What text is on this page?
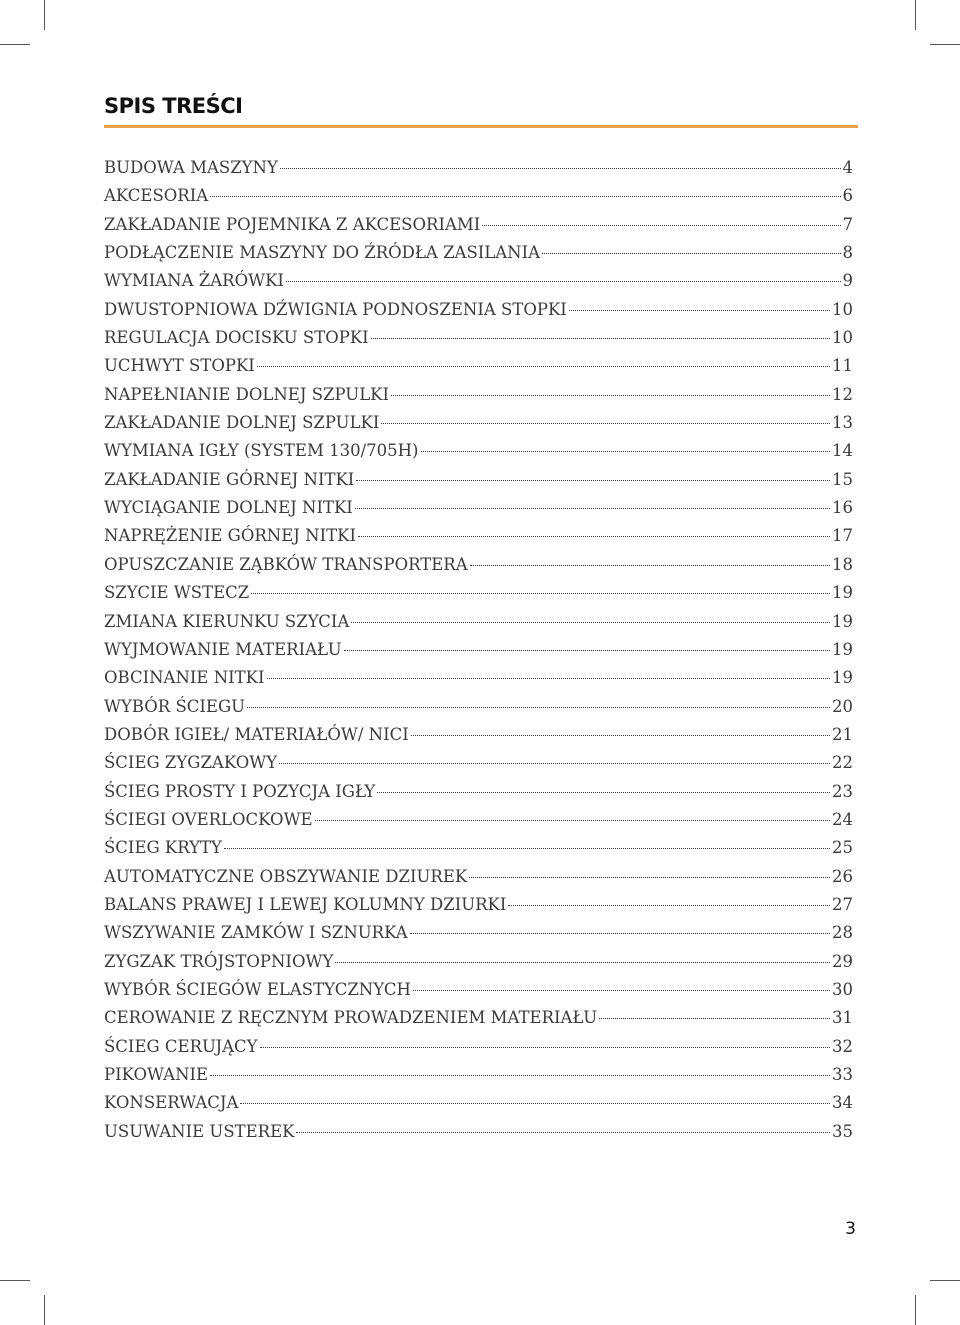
SPIS TREŚCI
BUDOWA MASZYNY	4
AKCESORIA	6
ZAKŁADANIE POJEMNIKA Z AKCESORIAMI	7
PODŁĄCZENIE MASZYNY DO ŹRÓDŁA ZASILANIA	8
WYMIANA ŻARÓWKI	9
DWUSTOPNIOWA DŹWIGNIA PODNOSZENIA STOPKI	10
REGULACJA DOCISKU STOPKI	10
UCHWYT STOPKI	11
NAPEŁNIANIE DOLNEJ SZPULKI	12
ZAKŁADANIE DOLNEJ SZPULKI	13
WYMIANA IGŁY (SYSTEM 130/705H)	14
ZAKŁADANIE GÓRNEJ NITKI	15
WYCIĄGANIE DOLNEJ NITKI	16
NAPRĘŻENIE GÓRNEJ NITKI	17
OPUSZCZANIE ZĄBKÓW TRANSPORTERA	18
SZYCIE WSTECZ	19
ZMIANA KIERUNKU SZYCIA	19
WYJMOWANIE MATERIAŁU	19
OBCINANIE NITKI	19
WYBÓR ŚCIEGU	20
DOBÓR IGIEŁ/ MATERIAŁÓW/ NICI	21
ŚCIEG ZYGZAKOWY	22
ŚCIEG PROSTY I POZYCJA IGŁY	23
ŚCIEGI OVERLOCKOWE	24
ŚCIEG KRYTY	25
AUTOMATYCZNE OBSZYWANIE DZIUREK	26
BALANS PRAWEJ I LEWEJ KOLUMNY DZIURKI	27
WSZYWANIE ZAMKÓW I SZNURKA	28
ZYGZAK TRÓJSTOPNIOWY	29
WYBÓR ŚCIEGÓW ELASTYCZNYCH	30
CEROWANIE Z RĘCZNYM PROWADZENIEM MATERIAŁU	31
ŚCIEG CERUJĄCY	32
PIKOWANIE	33
KONSERWACJA	34
USUWANIE USTEREK	35
3
